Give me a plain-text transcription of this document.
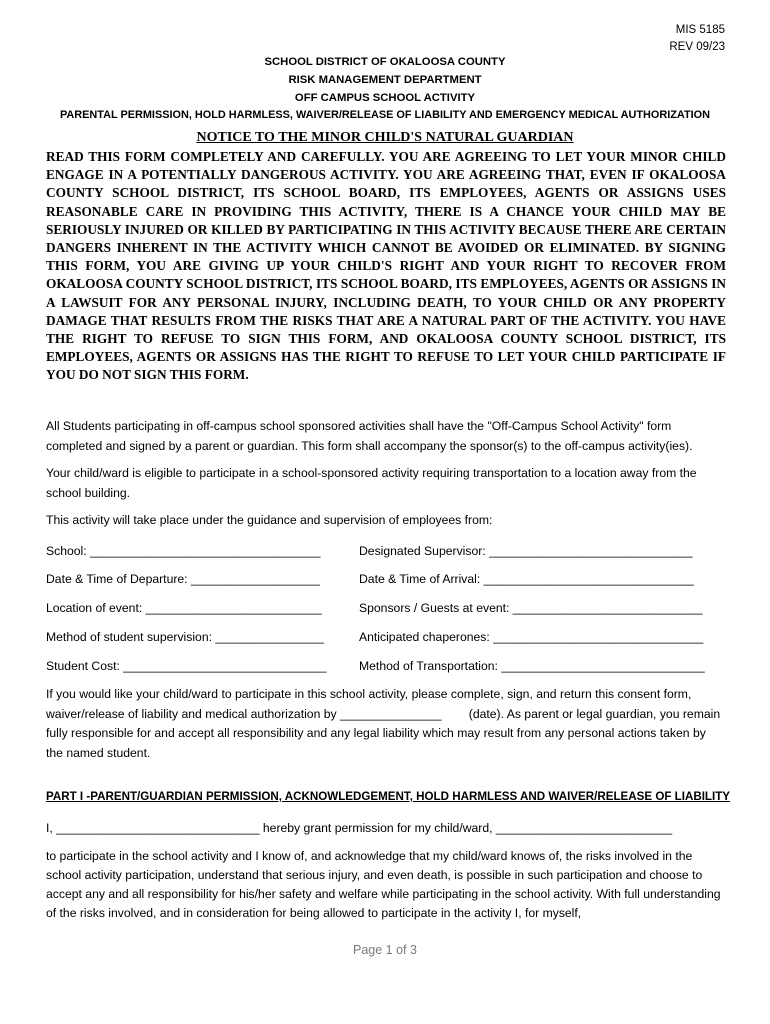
MIS 5185
REV 09/23
SCHOOL DISTRICT OF OKALOOSA COUNTY
RISK MANAGEMENT DEPARTMENT
OFF CAMPUS SCHOOL ACTIVITY
PARENTAL PERMISSION, HOLD HARMLESS, WAIVER/RELEASE OF LIABILITY AND EMERGENCY MEDICAL AUTHORIZATION
NOTICE TO THE MINOR CHILD'S NATURAL GUARDIAN
READ THIS FORM COMPLETELY AND CAREFULLY. YOU ARE AGREEING TO LET YOUR MINOR CHILD ENGAGE IN A POTENTIALLY DANGEROUS ACTIVITY. YOU ARE AGREEING THAT, EVEN IF OKALOOSA COUNTY SCHOOL DISTRICT, ITS SCHOOL BOARD, ITS EMPLOYEES, AGENTS OR ASSIGNS USES REASONABLE CARE IN PROVIDING THIS ACTIVITY, THERE IS A CHANCE YOUR CHILD MAY BE SERIOUSLY INJURED OR KILLED BY PARTICIPATING IN THIS ACTIVITY BECAUSE THERE ARE CERTAIN DANGERS INHERENT IN THE ACTIVITY WHICH CANNOT BE AVOIDED OR ELIMINATED. BY SIGNING THIS FORM, YOU ARE GIVING UP YOUR CHILD'S RIGHT AND YOUR RIGHT TO RECOVER FROM OKALOOSA COUNTY SCHOOL DISTRICT, ITS SCHOOL BOARD, ITS EMPLOYEES, AGENTS OR ASSIGNS IN A LAWSUIT FOR ANY PERSONAL INJURY, INCLUDING DEATH, TO YOUR CHILD OR ANY PROPERTY DAMAGE THAT RESULTS FROM THE RISKS THAT ARE A NATURAL PART OF THE ACTIVITY. YOU HAVE THE RIGHT TO REFUSE TO SIGN THIS FORM, AND OKALOOSA COUNTY SCHOOL DISTRICT, ITS EMPLOYEES, AGENTS OR ASSIGNS HAS THE RIGHT TO REFUSE TO LET YOUR CHILD PARTICIPATE IF YOU DO NOT SIGN THIS FORM.
All Students participating in off-campus school sponsored activities shall have the "Off-Campus School Activity" form completed and signed by a parent or guardian. This form shall accompany the sponsor(s) to the off-campus activity(ies).
Your child/ward is eligible to participate in a school-sponsored activity requiring transportation to a location away from the school building.
This activity will take place under the guidance and supervision of employees from:
School: __________________________________	Designated Supervisor: ______________________________
Date & Time of Departure: ___________________	Date & Time of Arrival: _______________________________
Location of event: __________________________	Sponsors / Guests at event: ____________________________
Method of student supervision: ________________	Anticipated chaperones: _______________________________
Student Cost: ______________________________	Method of Transportation: ______________________________
If you would like your child/ward to participate in this school activity, please complete, sign, and return this consent form, waiver/release of liability and medical authorization by _______________        (date). As parent or legal guardian, you remain fully responsible for and accept all responsibility and any legal liability which may result from any personal actions taken by the named student.
PART I -PARENT/GUARDIAN PERMISSION, ACKNOWLEDGEMENT, HOLD HARMLESS AND WAIVER/RELEASE OF LIABILITY
I, ______________________________ hereby grant permission for my child/ward, __________________________
to participate in the school activity and I know of, and acknowledge that my child/ward knows of, the risks involved in the school activity participation, understand that serious injury, and even death, is possible in such participation and choose to accept any and all responsibility for his/her safety and welfare while participating in the school activity. With full understanding of the risks involved, and in consideration for being allowed to participate in the activity I, for myself,
Page 1 of 3
